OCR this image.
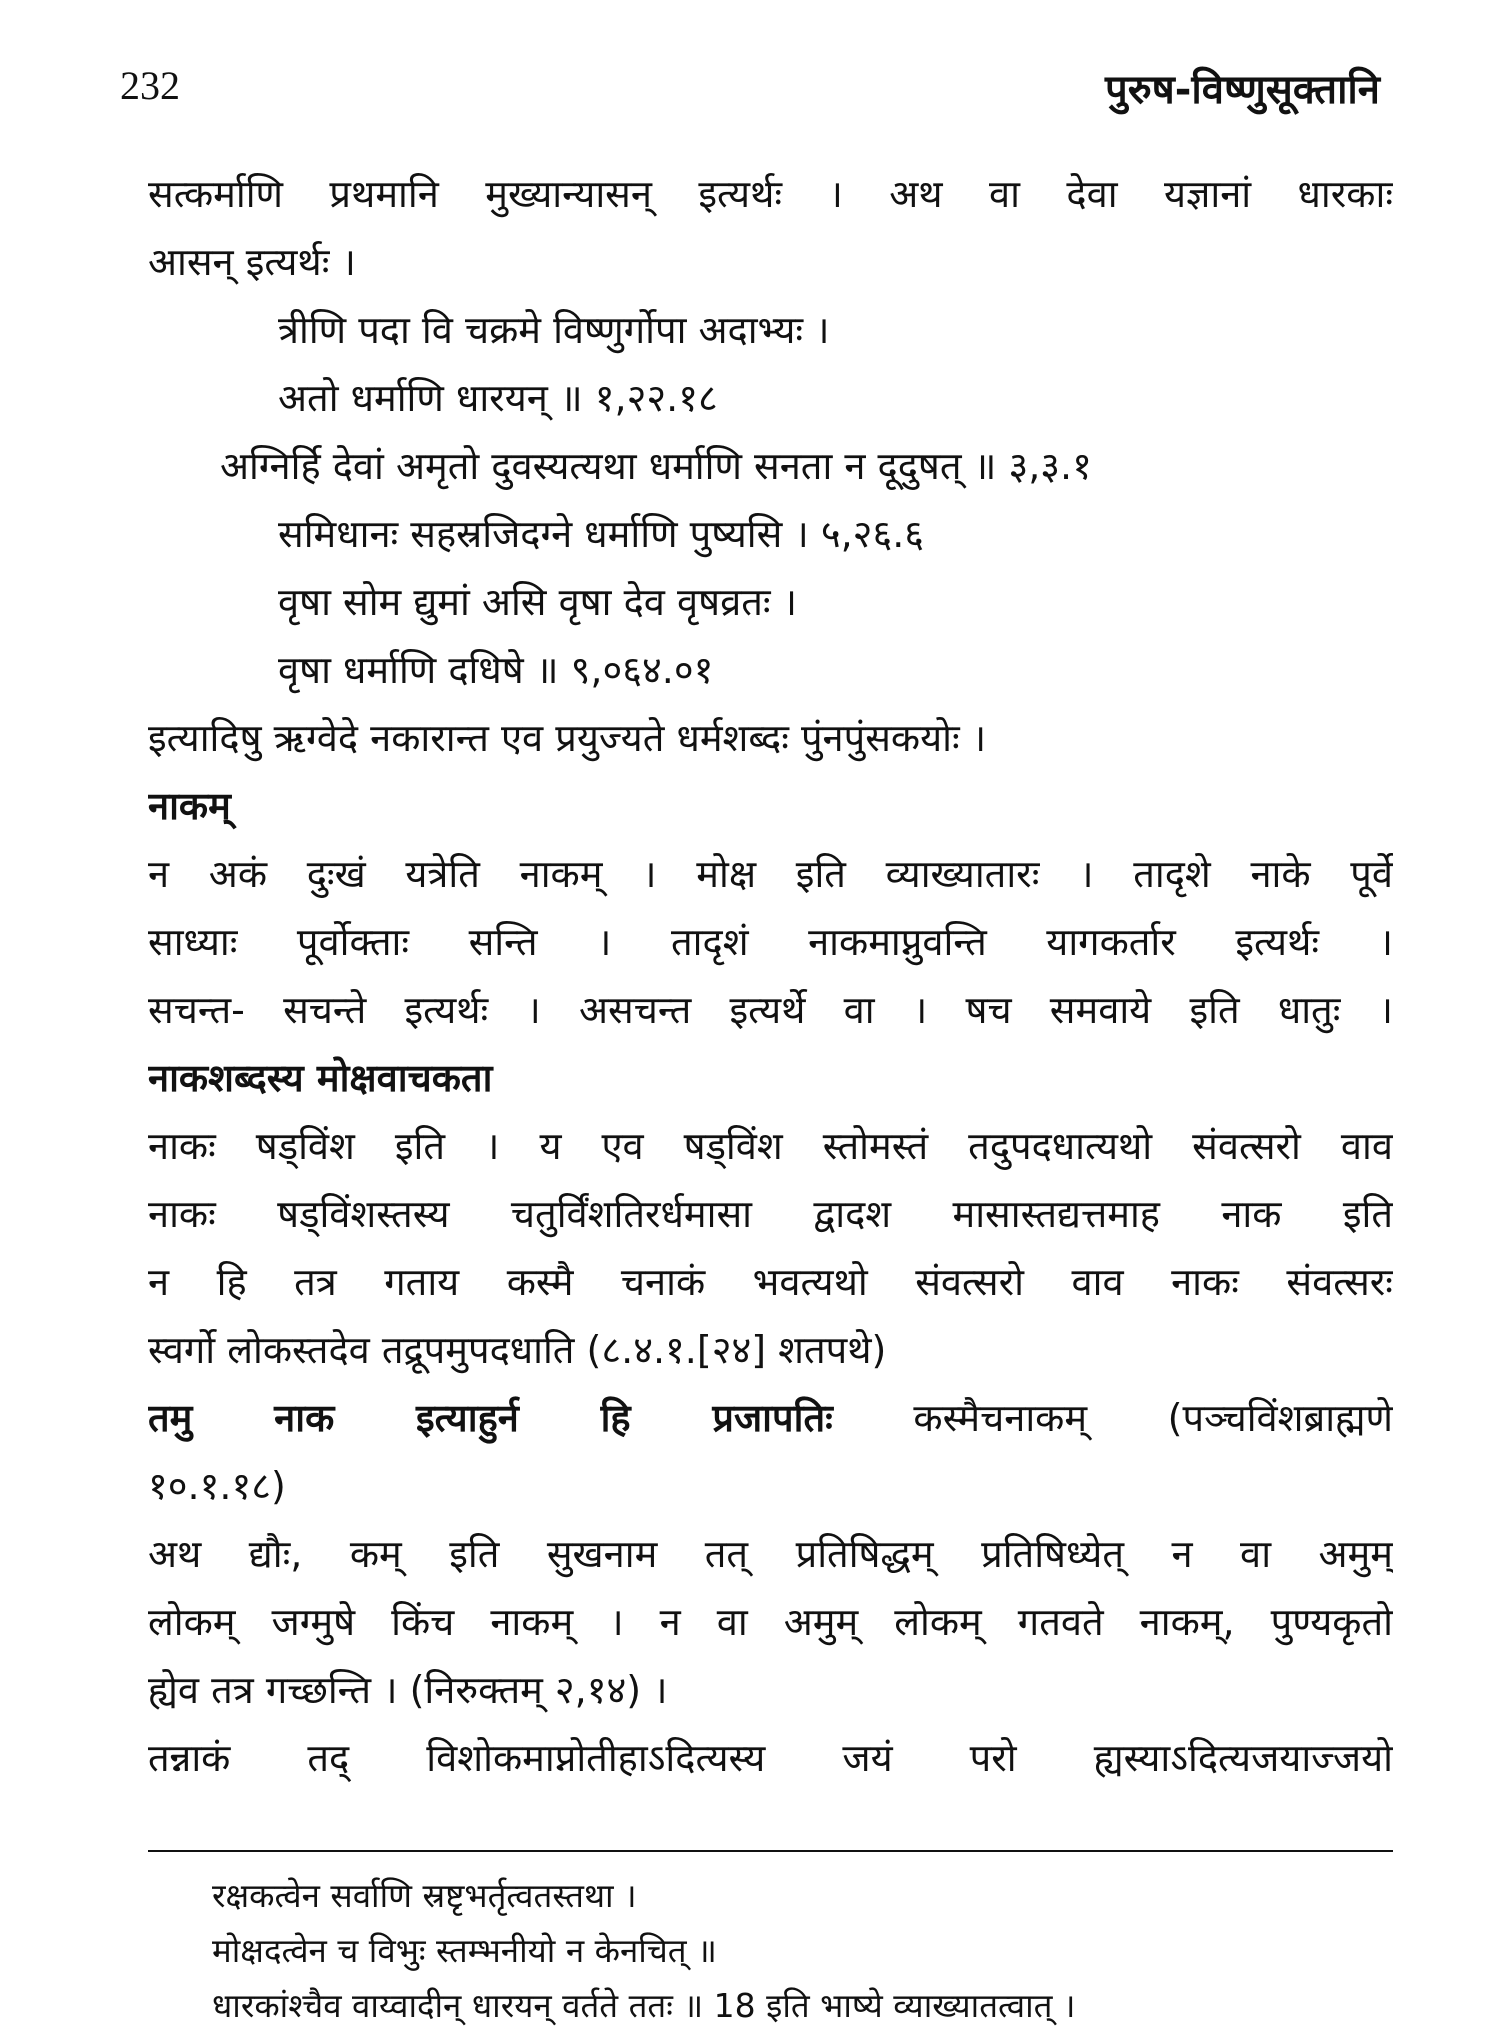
232	पुरुष-विष्णुसूक्तानि
सत्कर्माणि प्रथमानि मुख्यान्यासन् इत्यर्थः । अथ वा देवा यज्ञानां धारकाः
आसन् इत्यर्थः ।
त्रीणि पदा वि चक्रमे विष्णुर्गोपा अदाभ्यः ।
अतो धर्माणि धारयन् ॥ १,२२.१८
अग्निर्हि देवां अमृतो दुवस्यत्यथा धर्माणि सनता न दूदुषत् ॥ ३,३.१
समिधानः सहस्रजिदग्ने धर्माणि पुष्यसि । ५,२६.६
वृषा सोम द्युमां असि वृषा देव वृषव्रतः ।
वृषा धर्माणि दधिषे ॥ ९,०६४.०१
इत्यादिषु ऋग्वेदे नकारान्त एव प्रयुज्यते धर्मशब्दः पुंनपुंसकयोः ।
नाकम्
न अकं दुःखं यत्रेति नाकम् । मोक्ष इति व्याख्यातारः । तादृशे नाके पूर्वे
साध्याः पूर्वोक्ताः सन्ति । तादृशं नाकमाप्नुवन्ति यागकर्तार इत्यर्थः ।
सचन्त- सचन्ते इत्यर्थः । असचन्त इत्यर्थे वा । षच समवाये इति धातुः ।
नाकशब्दस्य मोक्षवाचकता
नाकः षड्विंश इति । य एव षड्विंश स्तोमस्तं तदुपदधात्यथो संवत्सरो वाव
नाकः षड्विंशस्तस्य चतुर्विंशतिरर्धमासा द्वादश मासास्तद्यत्तमाह नाक इति
न हि तत्र गताय कस्मै चनाकं भवत्यथो संवत्सरो वाव नाकः संवत्सरः
स्वर्गो लोकस्तदेव तद्रूपमुपदधाति (८.४.१.[२४] शतपथे)
तमु नाक इत्याहुर्न हि प्रजापतिः कस्मैचनाकम् (पञ्चविंशब्राह्मणे
१०.१.१८)
अथ द्यौः, कम् इति सुखनाम तत् प्रतिषिद्धम् प्रतिषिध्येत् न वा अमुम्
लोकम् जग्मुषे किंच नाकम् । न वा अमुम् लोकम् गतवते नाकम्, पुण्यकृतो
ह्येव तत्र गच्छन्ति । (निरुक्तम् २,१४) ।
तन्नाकं तद् विशोकमाप्नोतीहाऽदित्यस्य जयं परो ह्यस्याऽदित्यजयाज्जयो
रक्षकत्वेन सर्वाणि स्रष्टृभर्तृत्वतस्तथा ।
मोक्षदत्वेन च विभुः स्तम्भनीयो न केनचित् ॥
धारकांश्चैव वाय्वादीन् धारयन् वर्तते ततः ॥ 18 इति भाष्ये व्याख्यातत्वात् ।
